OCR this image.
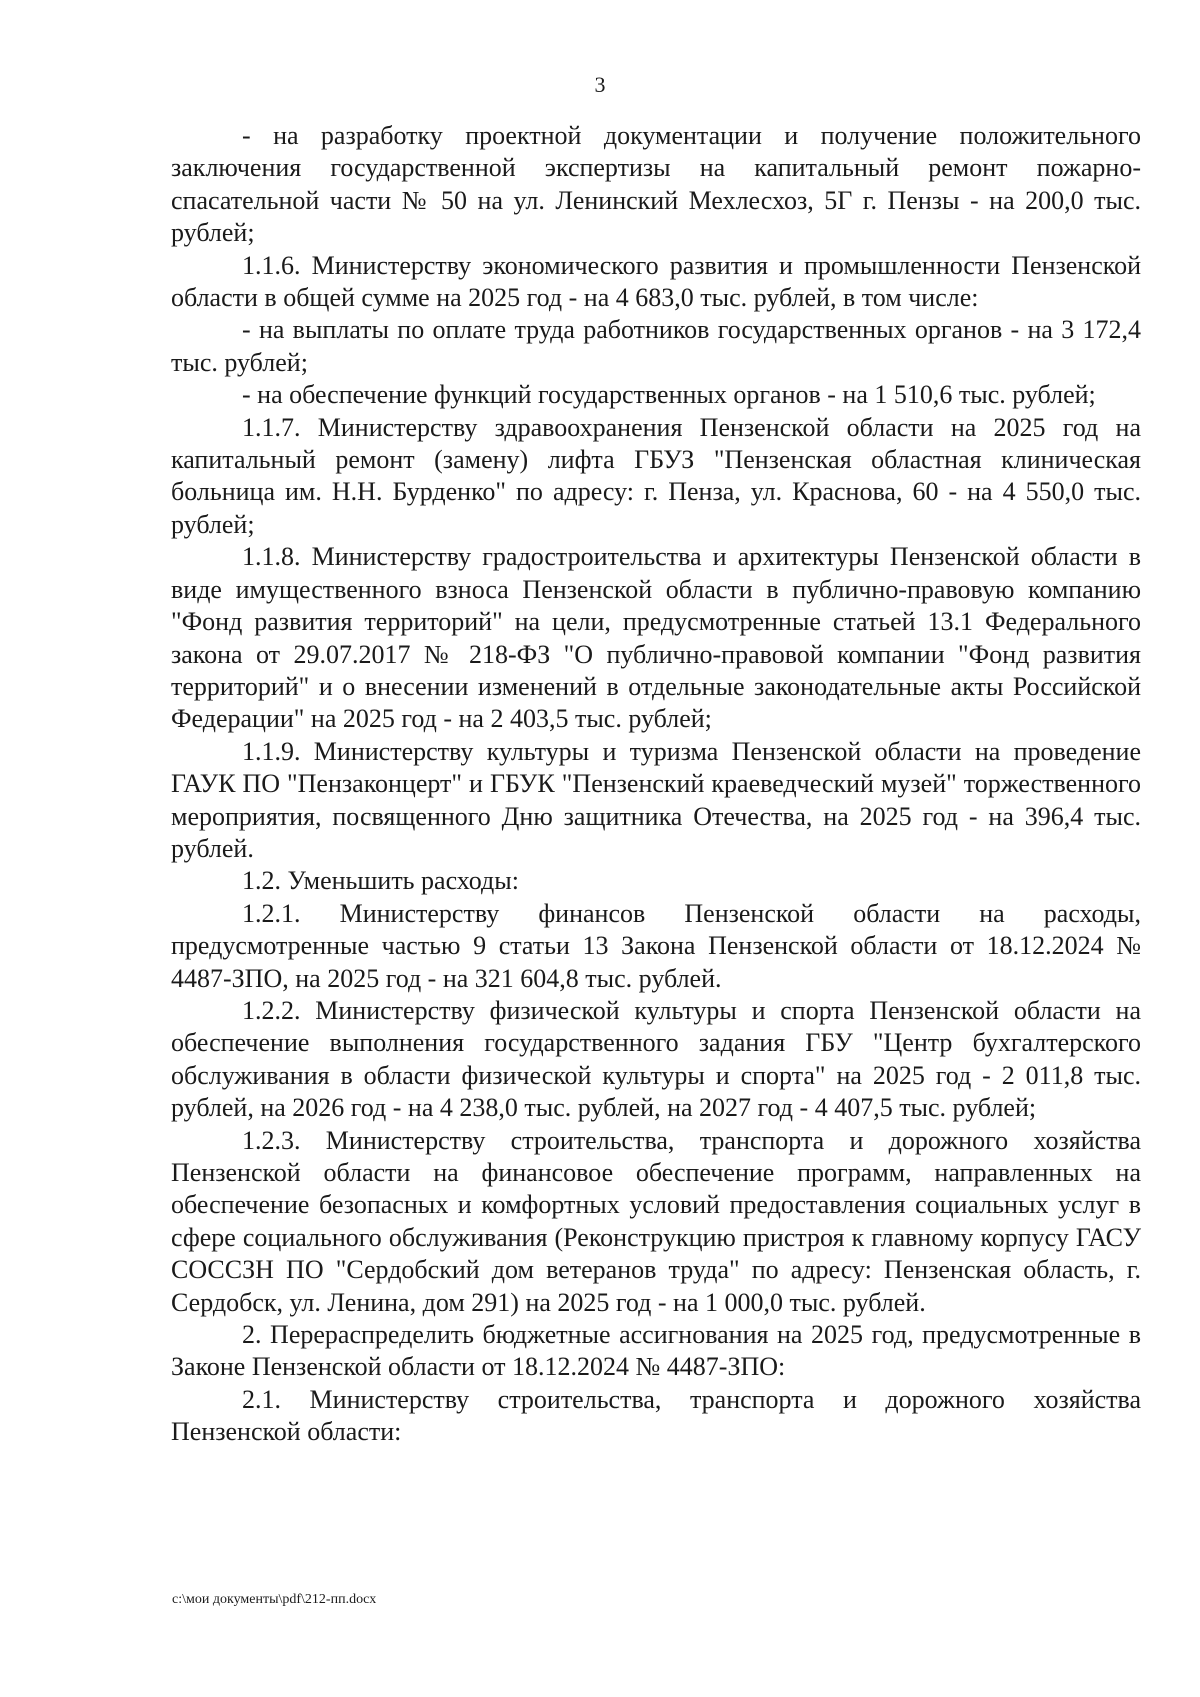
3

- на разработку проектной документации и получение положительного заключения государственной экспертизы на капитальный ремонт пожарно-спасательной части № 50 на ул. Ленинский Мехлесхоз, 5Г г. Пензы - на 200,0 тыс. рублей;

1.1.6. Министерству экономического развития и промышленности Пензенской области в общей сумме на 2025 год - на 4 683,0 тыс. рублей, в том числе:

- на выплаты по оплате труда работников государственных органов - на 3 172,4 тыс. рублей;

- на обеспечение функций государственных органов - на 1 510,6 тыс. рублей;

1.1.7. Министерству здравоохранения Пензенской области на 2025 год на капитальный ремонт (замену) лифта ГБУЗ "Пензенская областная клиническая больница им. Н.Н. Бурденко" по адресу: г. Пенза, ул. Краснова, 60 - на 4 550,0 тыс. рублей;

1.1.8. Министерству градостроительства и архитектуры Пензенской области в виде имущественного взноса Пензенской области в публично-правовую компанию "Фонд развития территорий" на цели, предусмотренные статьей 13.1 Федерального закона от 29.07.2017 № 218-ФЗ "О публично-правовой компании "Фонд развития территорий" и о внесении изменений в отдельные законодательные акты Российской Федерации" на 2025 год - на 2 403,5 тыс. рублей;

1.1.9. Министерству культуры и туризма Пензенской области на проведение ГАУК ПО "Пензаконцерт" и ГБУК "Пензенский краеведческий музей" торжественного мероприятия, посвященного Дню защитника Отечества, на 2025 год - на 396,4 тыс. рублей.

1.2. Уменьшить расходы:

1.2.1. Министерству финансов Пензенской области на расходы, предусмотренные частью 9 статьи 13 Закона Пензенской области от 18.12.2024 № 4487-ЗПО, на 2025 год - на 321 604,8 тыс. рублей.

1.2.2. Министерству физической культуры и спорта Пензенской области на обеспечение выполнения государственного задания ГБУ "Центр бухгалтерского обслуживания в области физической культуры и спорта" на 2025 год - 2 011,8 тыс. рублей, на 2026 год - на 4 238,0 тыс. рублей, на 2027 год - 4 407,5 тыс. рублей;

1.2.3. Министерству строительства, транспорта и дорожного хозяйства Пензенской области на финансовое обеспечение программ, направленных на обеспечение безопасных и комфортных условий предоставления социальных услуг в сфере социального обслуживания (Реконструкцию пристроя к главному корпусу ГАСУ СОССЗН ПО "Сердобский дом ветеранов труда" по адресу: Пензенская область, г. Сердобск, ул. Ленина, дом 291) на 2025 год - на 1 000,0 тыс. рублей.

2. Перераспределить бюджетные ассигнования на 2025 год, предусмотренные в Законе Пензенской области от 18.12.2024 № 4487-ЗПО:

2.1. Министерству строительства, транспорта и дорожного хозяйства Пензенской области:

c:\мои документы\pdf\212-пп.docx
